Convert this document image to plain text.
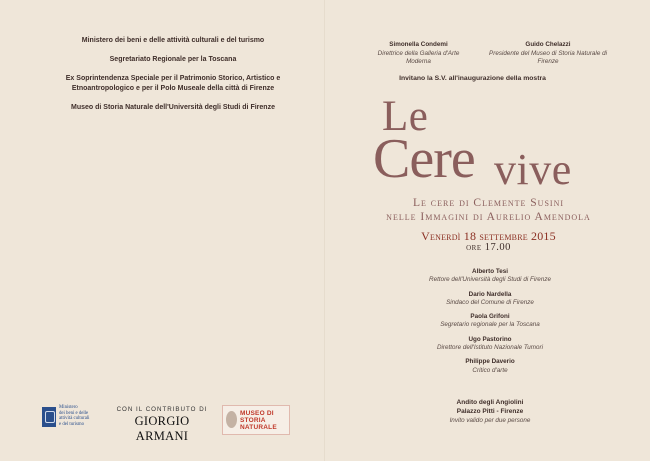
Ministero dei beni e delle attività culturali e del turismo
Segretariato Regionale per la Toscana
Ex Soprintendenza Speciale per il Patrimonio Storico, Artistico e Etnoantropologico e per il Polo Museale della città di Firenze
Museo di Storia Naturale dell'Università degli Studi di Firenze
Ministero
dei beni e delle
attività culturali
e del turismo
CON IL CONTRIBUTO DI
GIORGIO ARMANI
MUSEO DI
STORIA
NATURALE
Simonella Condemi
Direttrice della Galleria d'Arte Moderna
Guido Chelazzi
Presidente del Museo di Storia Naturale di Firenze
Invitano la S.V. all'inaugurazione della mostra
Le
Cere vive
Le cere di Clemente Susini
nelle Immagini di Aurelio Amendola
Venerdì 18 settembre 2015
ore 17.00
Alberto Tesi
Rettore dell'Università degli Studi di Firenze
Dario Nardella
Sindaco del Comune di Firenze
Paola Grifoni
Segretario regionale per la Toscana
Ugo Pastorino
Direttore dell'Istituto Nazionale Tumori
Philippe Daverio
Critico d'arte
Andito degli Angiolini
Palazzo Pitti - Firenze
Invito valido per due persone
